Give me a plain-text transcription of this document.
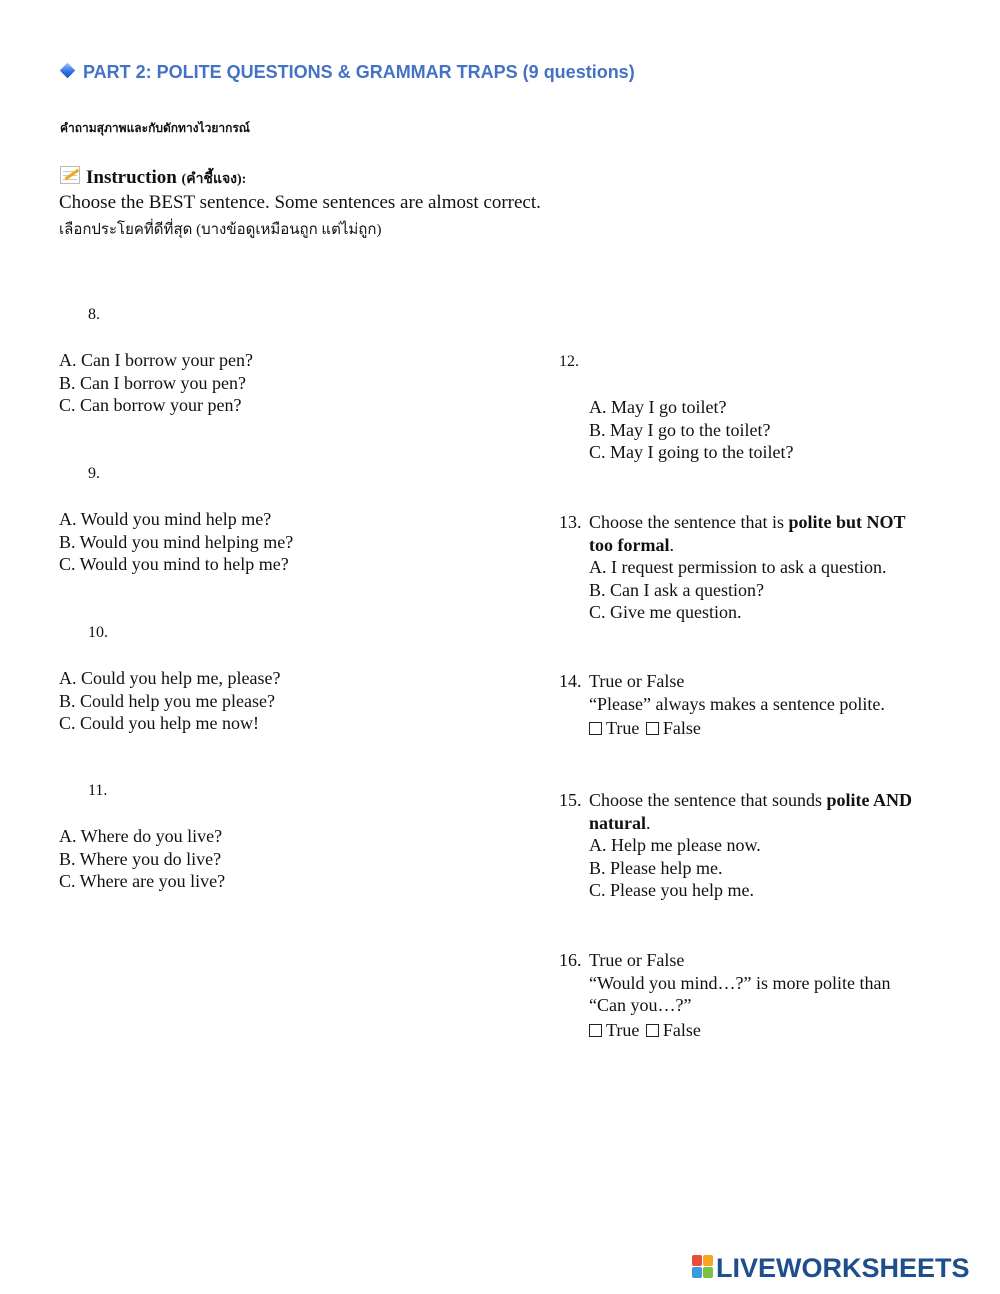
PART 2: POLITE QUESTIONS & GRAMMAR TRAPS (9 questions)
คำถามสุภาพและกับดักทางไวยากรณ์
Instruction (คำชี้แจง):
Choose the BEST sentence. Some sentences are almost correct.
เลือกประโยคที่ดีที่สุด (บางข้อดูเหมือนถูก แต่ไม่ถูก)
8.
A. Can I borrow your pen?
B. Can I borrow you pen?
C. Can borrow your pen?
9.
A. Would you mind help me?
B. Would you mind helping me?
C. Would you mind to help me?
10.
A. Could you help me, please?
B. Could help you me please?
C. Could you help me now!
11.
A. Where do you live?
B. Where you do live?
C. Where are you live?
12.
A. May I go toilet?
B. May I go to the toilet?
C. May I going to the toilet?
13. Choose the sentence that is polite but NOT
too formal.
A. I request permission to ask a question.
B. Can I ask a question?
C. Give me question.
14. True or False
“Please” always makes a sentence polite.
True False
15. Choose the sentence that sounds polite AND
natural.
A. Help me please now.
B. Please help me.
C. Please you help me.
16. True or False
“Would you mind…?” is more polite than
“Can you…?”
True False
LIVEWORKSHEETS
